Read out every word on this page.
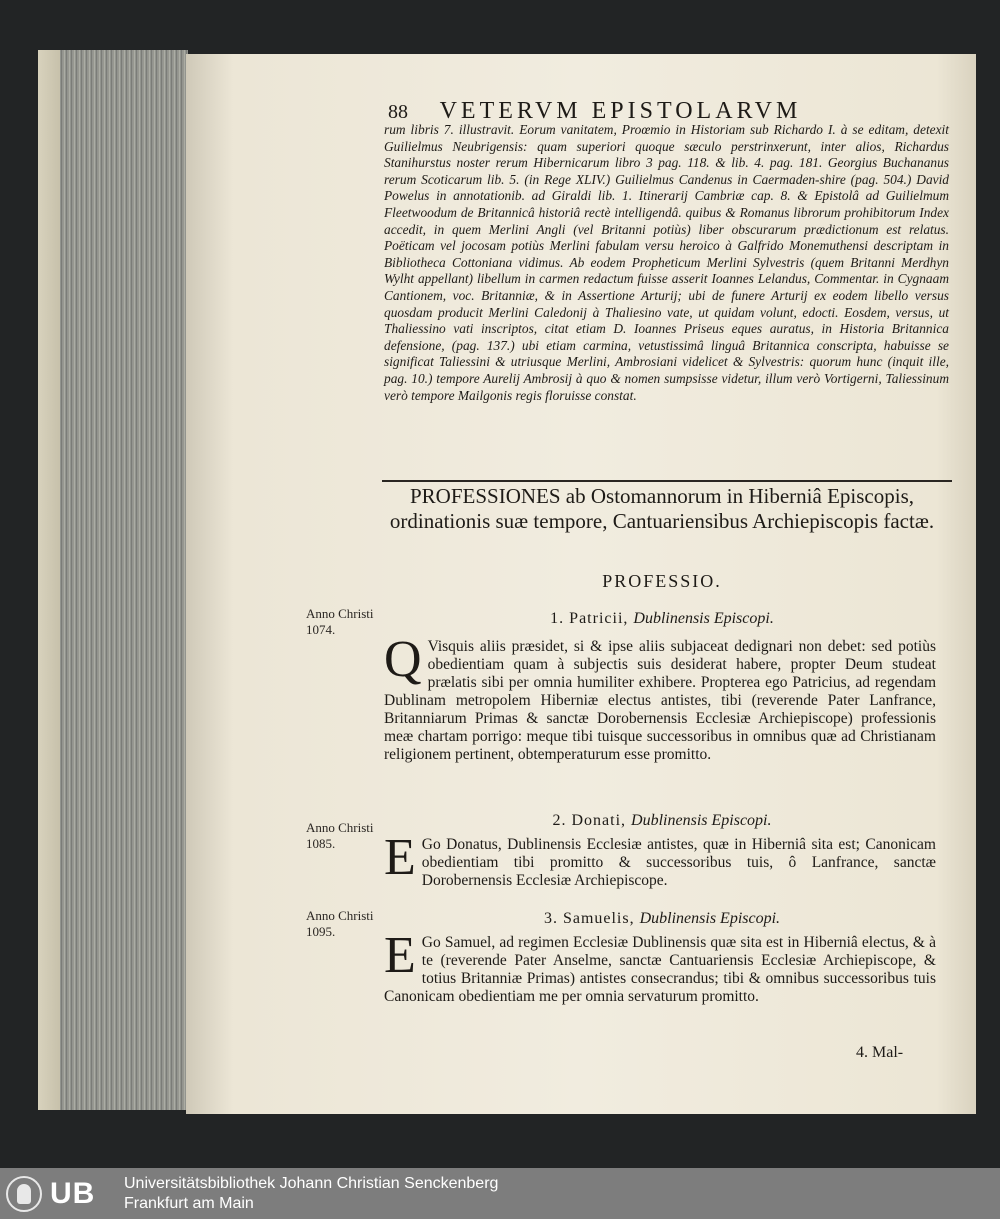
88 VETERVM EPISTOLARVM
rum libris 7. illustravit. Eorum vanitatem, Proœmio in Historiam sub Richardo I. à se editam, detexit Guilielmus Neubrigensis: quam superiori quoque sæculo perstrinxerunt, inter alios, Richardus Stanihurstus noster rerum Hibernicarum libro 3 pag. 118. & lib. 4. pag. 181. Georgius Buchananus rerum Scoticarum lib. 5. (in Rege XLIV.) Guilielmus Candenus in Caermaden-shire (pag. 504.) David Powelus in annotationib. ad Giraldi lib. 1. Itinerarij Cambriæ cap. 8. & Epistolâ ad Guilielmum Fleetwoodum de Britannicâ historiâ rectè intelligendâ. quibus & Romanus librorum prohibitorum Index accedit, in quem Merlini Angli (vel Britanni potiùs) liber obscurarum prædictionum est relatus. Poëticam vel jocosam potiùs Merlini fabulam versu heroico à Galfrido Monemuthensi descriptam in Bibliotheca Cottoniana vidimus. Ab eodem Propheticum Merlini Sylvestris (quem Britanni Merdhyn Wylht appellant) libellum in carmen redactum fuisse asserit Ioannes Lelandus, Commentar. in Cygnaam Cantionem, voc. Britanniæ, & in Assertione Arturij; ubi de funere Arturij ex eodem libello versus quosdam producit Merlini Caledonij à Thaliesino vate, ut quidam volunt, edocti. Eosdem, versus, ut Thaliessino vati inscriptos, citat etiam D. Ioannes Priseus eques auratus, in Historia Britannica defensione, (pag. 137.) ubi etiam carmina, vetustissimâ linguâ Britannica conscripta, habuisse se significat Taliessini & utriusque Merlini, Ambrosiani videlicet & Sylvestris: quorum hunc (inquit ille, pag. 10.) tempore Aurelij Ambrosij à quo & nomen sumpsisse videtur, illum verò Vortigerni, Taliessinum verò tempore Mailgonis regis floruisse constat.
PROFESSIONES ab Ostomannorum in Hiberniâ Episcopis, ordinationis suæ tempore, Cantuariensibus Archiepiscopis factæ.
PROFESSIO.
Anno Christi 1074.
1. Patricii, Dublinensis Episcopi.
Q Visquis aliis præsidet, si & ipse aliis subjaceat dedignari non debet: sed potiùs obedientiam quam à subjectis suis desiderat habere, propter Deum studeat prælatis sibi per omnia humiliter exhibere. Propterea ego Patricius, ad regendam Dublinam metropolem Hiberniæ electus antistes, tibi (reverende Pater Lanfrance, Britanniarum Primas & sanctæ Dorobernensis Ecclesiæ Archiepiscope) professionis meæ chartam porrigo: meque tibi tuisque successoribus in omnibus quæ ad Christianam religionem pertinent, obtemperaturum esse promitto.
Anno Christi 1085.
2. Donati, Dublinensis Episcopi.
E Go Donatus, Dublinensis Ecclesiæ antistes, quæ in Hiberniâ sita est; Canonicam obedientiam tibi promitto & successoribus tuis, ô Lanfrance, sanctæ Dorobernensis Ecclesiæ Archiepiscope.
Anno Christi 1095.
3. Samuelis, Dublinensis Episcopi.
E Go Samuel, ad regimen Ecclesiæ Dublinensis quæ sita est in Hiberniâ electus, & à te (reverende Pater Anselme, sanctæ Cantuariensis Ecclesiæ Archiepiscope, & totius Britanniæ Primas) antistes consecrandus; tibi & omnibus successoribus tuis Canonicam obedientiam me per omnia servaturum promitto.
4. Mal-
UB Universitätsbibliothek Johann Christian Senckenberg
Frankfurt am Main
